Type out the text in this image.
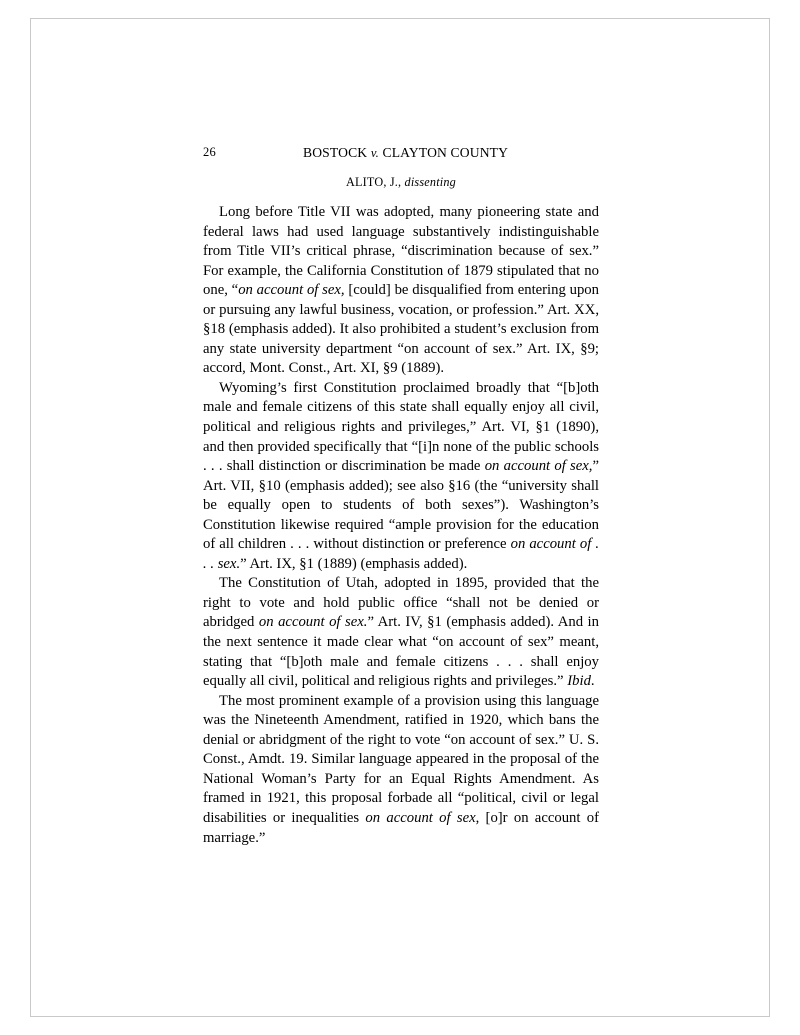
26	BOSTOCK v. CLAYTON COUNTY
ALITO, J., dissenting

Long before Title VII was adopted, many pioneering state and federal laws had used language substantively indistinguishable from Title VII’s critical phrase, “discrimination because of sex.” For example, the California Constitution of 1879 stipulated that no one, “on account of sex, [could] be disqualified from entering upon or pursuing any lawful business, vocation, or profession.” Art. XX, §18 (emphasis added). It also prohibited a student’s exclusion from any state university department “on account of sex.” Art. IX, §9; accord, Mont. Const., Art. XI, §9 (1889).

Wyoming’s first Constitution proclaimed broadly that “[b]oth male and female citizens of this state shall equally enjoy all civil, political and religious rights and privileges,” Art. VI, §1 (1890), and then provided specifically that “[i]n none of the public schools . . . shall distinction or discrimination be made on account of sex,” Art. VII, §10 (emphasis added); see also §16 (the “university shall be equally open to students of both sexes”). Washington’s Constitution likewise required “ample provision for the education of all children . . . without distinction or preference on account of . . . sex.” Art. IX, §1 (1889) (emphasis added).

The Constitution of Utah, adopted in 1895, provided that the right to vote and hold public office “shall not be denied or abridged on account of sex.” Art. IV, §1 (emphasis added). And in the next sentence it made clear what “on account of sex” meant, stating that “[b]oth male and female citizens . . . shall enjoy equally all civil, political and religious rights and privileges.” Ibid.

The most prominent example of a provision using this language was the Nineteenth Amendment, ratified in 1920, which bans the denial or abridgment of the right to vote “on account of sex.” U. S. Const., Amdt. 19. Similar language appeared in the proposal of the National Woman’s Party for an Equal Rights Amendment. As framed in 1921, this proposal forbade all “political, civil or legal disabilities or inequalities on account of sex, [o]r on account of marriage.”
